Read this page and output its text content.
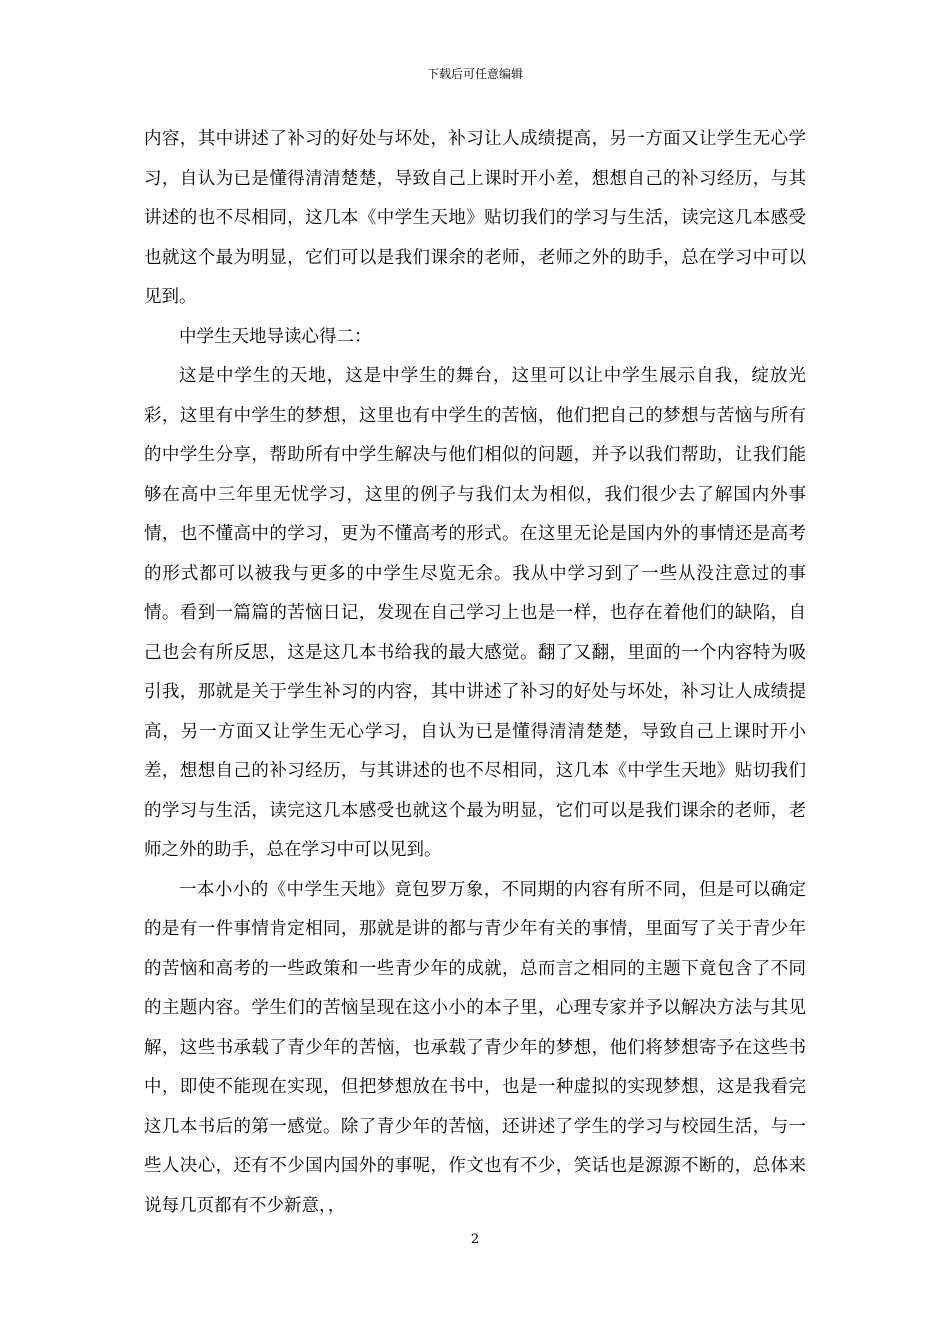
下载后可任意编辑

内容，其中讲述了补习的好处与坏处，补习让人成绩提高，另一方面又让学生无心学习，自认为已是懂得清清楚楚，导致自己上课时开小差，想想自己的补习经历，与其讲述的也不尽相同，这几本《中学生天地》贴切我们的学习与生活，读完这几本感受也就这个最为明显，它们可以是我们课余的老师，老师之外的助手，总在学习中可以见到。

中学生天地导读心得二：

这是中学生的天地，这是中学生的舞台，这里可以让中学生展示自我，绽放光彩，这里有中学生的梦想，这里也有中学生的苦恼，他们把自己的梦想与苦恼与所有的中学生分享，帮助所有中学生解决与他们相似的问题，并予以我们帮助，让我们能够在高中三年里无忧学习，这里的例子与我们太为相似，我们很少去了解国内外事情，也不懂高中的学习，更为不懂高考的形式。在这里无论是国内外的事情还是高考的形式都可以被我与更多的中学生尽览无余。我从中学习到了一些从没注意过的事情。看到一篇篇的苦恼日记，发现在自己学习上也是一样，也存在着他们的缺陷，自己也会有所反思，这是这几本书给我的最大感觉。翻了又翻，里面的一个内容特为吸引我，那就是关于学生补习的内容，其中讲述了补习的好处与坏处，补习让人成绩提高，另一方面又让学生无心学习，自认为已是懂得清清楚楚，导致自己上课时开小差，想想自己的补习经历，与其讲述的也不尽相同，这几本《中学生天地》贴切我们的学习与生活，读完这几本感受也就这个最为明显，它们可以是我们课余的老师，老师之外的助手，总在学习中可以见到。

一本小小的《中学生天地》竟包罗万象，不同期的内容有所不同，但是可以确定的是有一件事情肯定相同，那就是讲的都与青少年有关的事情，里面写了关于青少年的苦恼和高考的一些政策和一些青少年的成就，总而言之相同的主题下竟包含了不同的主题内容。学生们的苦恼呈现在这小小的本子里，心理专家并予以解决方法与其见解，这些书承载了青少年的苦恼，也承载了青少年的梦想，他们将梦想寄予在这些书中，即使不能现在实现，但把梦想放在书中，也是一种虚拟的实现梦想，这是我看完这几本书后的第一感觉。除了青少年的苦恼，还讲述了学生的学习与校园生活，与一些人决心，还有不少国内国外的事呢，作文也有不少，笑话也是源源不断的，总体来说每几页都有不少新意，，

2
